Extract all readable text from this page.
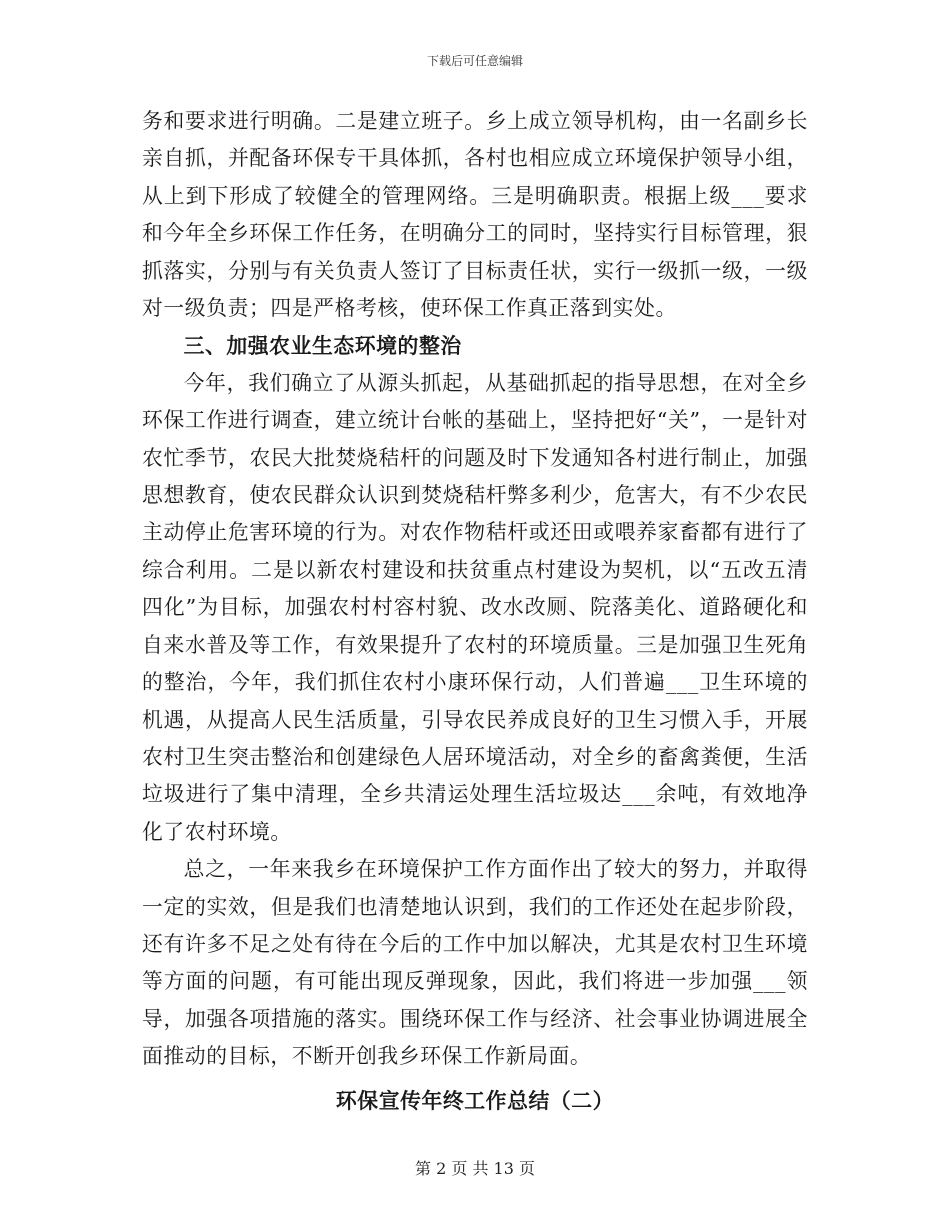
下载后可任意编辑

务和要求进行明确。二是建立班子。乡上成立领导机构，由一名副乡长亲自抓，并配备环保专干具体抓，各村也相应成立环境保护领导小组，从上到下形成了较健全的管理网络。三是明确职责。根据上级___要求和今年全乡环保工作任务，在明确分工的同时，坚持实行目标管理，狠抓落实，分别与有关负责人签订了目标责任状，实行一级抓一级，一级对一级负责；四是严格考核，使环保工作真正落到实处。

三、加强农业生态环境的整治

今年，我们确立了从源头抓起，从基础抓起的指导思想，在对全乡环保工作进行调查，建立统计台帐的基础上，坚持把好“关”，一是针对农忙季节，农民大批焚烧秸杆的问题及时下发通知各村进行制止，加强思想教育，使农民群众认识到焚烧秸杆弊多利少，危害大，有不少农民主动停止危害环境的行为。对农作物秸杆或还田或喂养家畜都有进行了综合利用。二是以新农村建设和扶贫重点村建设为契机，以“五改五清四化”为目标，加强农村村容村貌、改水改厕、院落美化、道路硬化和自来水普及等工作，有效果提升了农村的环境质量。三是加强卫生死角的整治，今年，我们抓住农村小康环保行动，人们普遍___卫生环境的机遇，从提高人民生活质量，引导农民养成良好的卫生习惯入手，开展农村卫生突击整治和创建绿色人居环境活动，对全乡的畜禽粪便，生活垃圾进行了集中清理，全乡共清运处理生活垃圾达___余吨，有效地净化了农村环境。

总之，一年来我乡在环境保护工作方面作出了较大的努力，并取得一定的实效，但是我们也清楚地认识到，我们的工作还处在起步阶段，还有许多不足之处有待在今后的工作中加以解决，尤其是农村卫生环境等方面的问题，有可能出现反弹现象，因此，我们将进一步加强___领导，加强各项措施的落实。围绕环保工作与经济、社会事业协调进展全面推动的目标，不断开创我乡环保工作新局面。

环保宣传年终工作总结（二）

第 2 页 共 13 页
